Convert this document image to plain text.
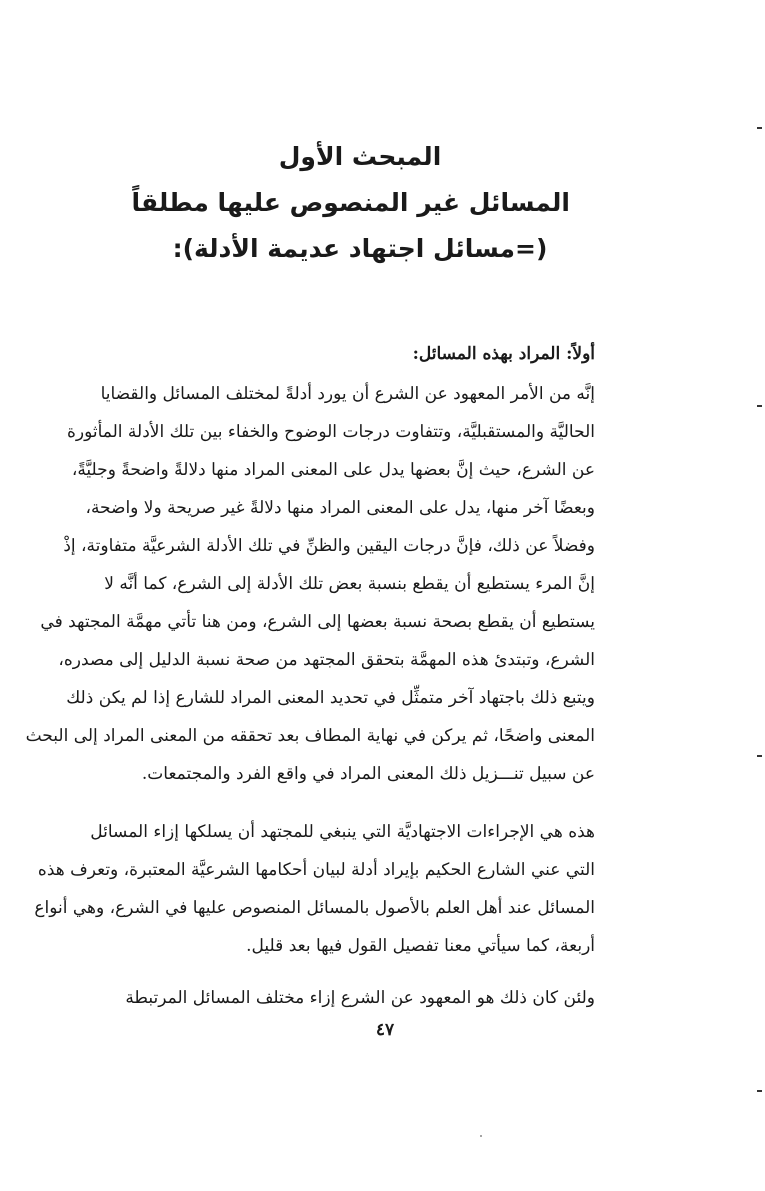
المبحث الأول
المسائل غير المنصوص عليها مطلقاً
(=مسائل اجتهاد عديمة الأدلة):
أولاً: المراد بهذه المسائل:
إنَّه من الأمر المعهود عن الشرع أن يورد أدلةً لمختلف المسائل والقضايا
الحاليَّة والمستقبليَّة، وتتفاوت درجات الوضوح والخفاء بين تلك الأدلة المأثورة
عن الشرع، حيث إنَّ بعضها يدل على المعنى المراد منها دلالةً واضحةً وجليَّةً،
وبعضًا آخر منها، يدل على المعنى المراد منها دلالةً غير صريحة ولا واضحة،
وفضلاً عن ذلك، فإنَّ درجات اليقين والظنِّ في تلك الأدلة الشرعيَّة متفاوتة، إذْ
إنَّ المرء يستطيع أن يقطع بنسبة بعض تلك الأدلة إلى الشرع، كما أنَّه لا
يستطيع أن يقطع بصحة نسبة بعضها إلى الشرع، ومن هنا تأتي مهمَّة المجتهد في
الشرع، وتبتدئ هذه المهمَّة بتحقق المجتهد من صحة نسبة الدليل إلى مصدره،
ويتبع ذلك باجتهاد آخر متمثِّل في تحديد المعنى المراد للشارع إذا لم يكن ذلك
المعنى واضحًا، ثم يركن في نهاية المطاف بعد تحققه من المعنى المراد إلى البحث
عن سبيل تنـــزيل ذلك المعنى المراد في واقع الفرد والمجتمعات.
هذه هي الإجراءات الاجتهاديَّة التي ينبغي للمجتهد أن يسلكها إزاء المسائل
التي عني الشارع الحكيم بإيراد أدلة لبيان أحكامها الشرعيَّة المعتبرة، وتعرف هذه
المسائل عند أهل العلم بالأصول بالمسائل المنصوص عليها في الشرع، وهي أنواع
أربعة، كما سيأتي معنا تفصيل القول فيها بعد قليل.
ولئن كان ذلك هو المعهود عن الشرع إزاء مختلف المسائل المرتبطة
٤٧
